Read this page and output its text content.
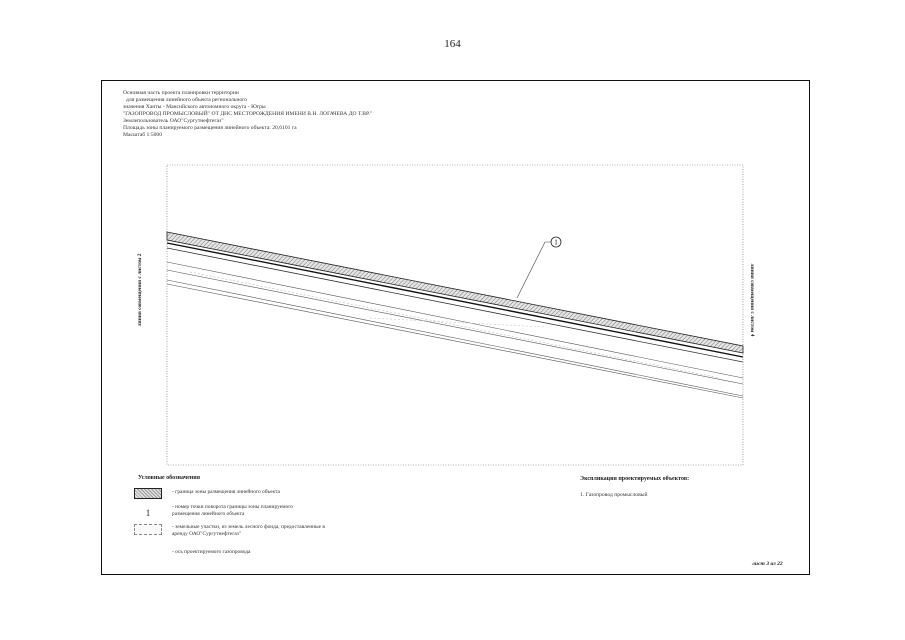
164
Основная часть проекта планировки территории
для размещения линейного объекта регионального
значения Ханты - Мансийского автономного округа - Югры
"ГАЗОПРОВОД ПРОМЫСЛОВЫЙ" ОТ ДНС МЕСТОРОЖДЕНИЯ ИМЕНИ В.Н. ЛОГАЧЕВА ДО Т.ВР."
Землепользователь ОАО"Сургутнефтегаз"
Площадь зоны планируемого размещения линейного объекта: 20,6101 га
Масштаб 1:5000
1
линия совмещения с листом 2	линия совмещения с листом 4
Условные обозначения
- граница зоны размещения линейного объекта
1
- номер точки поворота границы зоны планируемого размещения линейного объекта
- земельные участки, из земель лесного фонда, предоставленные в аренду ОАО"Сургутнефтегаз"
- ось проектируемого газопровода
Экспликация проектируемых объектов:
1. Газопровод промысловый
лист 3 из 22
